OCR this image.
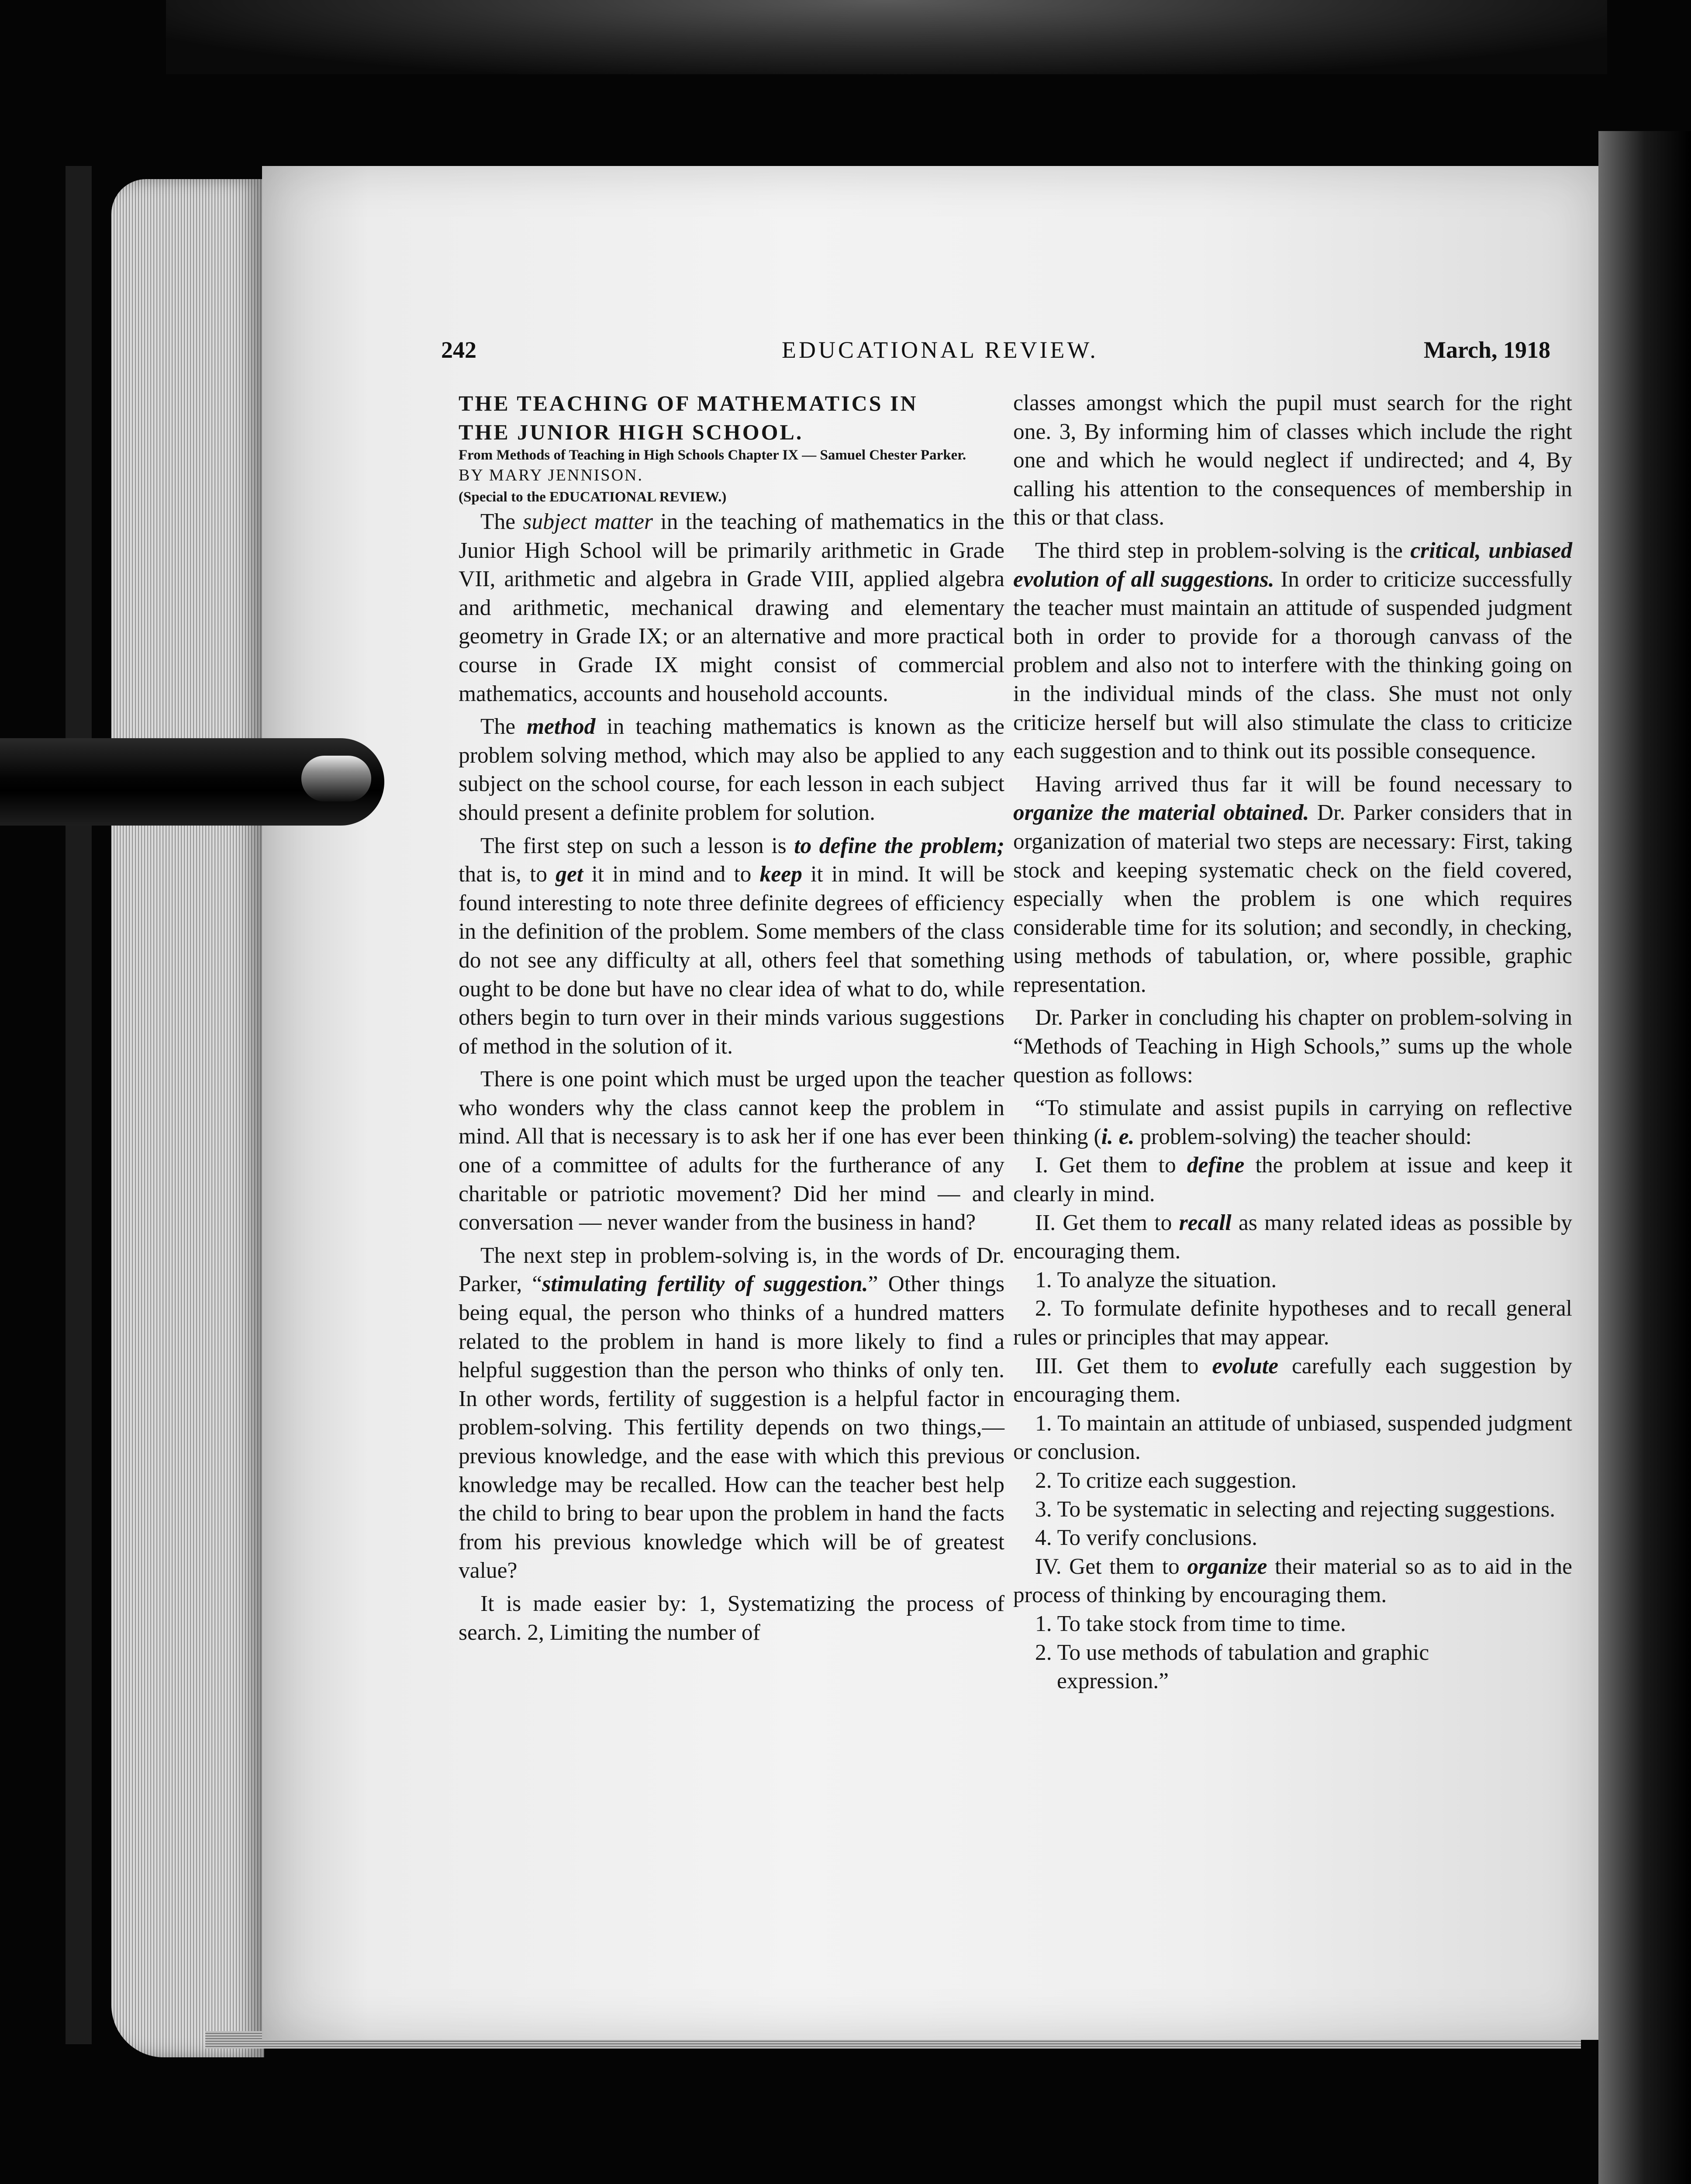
242	EDUCATIONAL REVIEW.	March, 1918

THE TEACHING OF MATHEMATICS IN

THE JUNIOR HIGH SCHOOL.

From Methods of Teaching in High Schools Chapter IX — Samuel Chester Parker.

BY MARY JENNISON.

(Special to the EDUCATIONAL REVIEW.)

The subject matter in the teaching of mathematics in the Junior High School will be primarily arithmetic in Grade VII, arithmetic and algebra in Grade VIII, applied algebra and arithmetic, mechanical drawing and elementary geometry in Grade IX; or an alternative and more practical course in Grade IX might consist of commercial mathematics, accounts and household accounts.

The method in teaching mathematics is known as the problem solving method, which may also be applied to any subject on the school course, for each lesson in each subject should present a definite problem for solution.

The first step on such a lesson is to define the problem; that is, to get it in mind and to keep it in mind. It will be found interesting to note three definite degrees of efficiency in the definition of the problem. Some members of the class do not see any difficulty at all, others feel that something ought to be done but have no clear idea of what to do, while others begin to turn over in their minds various suggestions of method in the solution of it.

There is one point which must be urged upon the teacher who wonders why the class cannot keep the problem in mind. All that is necessary is to ask her if one has ever been one of a committee of adults for the furtherance of any charitable or patriotic movement? Did her mind — and conversation — never wander from the business in hand?

The next step in problem-solving is, in the words of Dr. Parker, “stimulating fertility of suggestion.” Other things being equal, the person who thinks of a hundred matters related to the problem in hand is more likely to find a helpful suggestion than the person who thinks of only ten. In other words, fertility of suggestion is a helpful factor in problem-solving. This fertility depends on two things,—previous knowledge, and the ease with which this previous knowledge may be recalled. How can the teacher best help the child to bring to bear upon the problem in hand the facts from his previous knowledge which will be of greatest value?

It is made easier by: 1, Systematizing the process of search. 2, Limiting the number of

classes amongst which the pupil must search for the right one. 3, By informing him of classes which include the right one and which he would neglect if undirected; and 4, By calling his attention to the consequences of membership in this or that class.

The third step in problem-solving is the critical, unbiased evolution of all suggestions. In order to criticize successfully the teacher must maintain an attitude of suspended judgment both in order to provide for a thorough canvass of the problem and also not to interfere with the thinking going on in the individual minds of the class. She must not only criticize herself but will also stimulate the class to criticize each suggestion and to think out its possible consequence.

Having arrived thus far it will be found necessary to organize the material obtained. Dr. Parker considers that in organization of material two steps are necessary: First, taking stock and keeping systematic check on the field covered, especially when the problem is one which requires considerable time for its solution; and secondly, in checking, using methods of tabulation, or, where possible, graphic representation.

Dr. Parker in concluding his chapter on problem-solving in “Methods of Teaching in High Schools,” sums up the whole question as follows:

“To stimulate and assist pupils in carrying on reflective thinking (i. e. problem-solving) the teacher should:

I. Get them to define the problem at issue and keep it clearly in mind.

II. Get them to recall as many related ideas as possible by encouraging them.

1. To analyze the situation.

2. To formulate definite hypotheses and to recall general rules or principles that may appear.

III. Get them to evolute carefully each suggestion by encouraging them.

1. To maintain an attitude of unbiased, suspended judgment or conclusion.

2. To critize each suggestion.

3. To be systematic in selecting and rejecting suggestions.

4. To verify conclusions.

IV. Get them to organize their material so as to aid in the process of thinking by encouraging them.

1. To take stock from time to time.

2. To use methods of tabulation and graphic

expression.”
